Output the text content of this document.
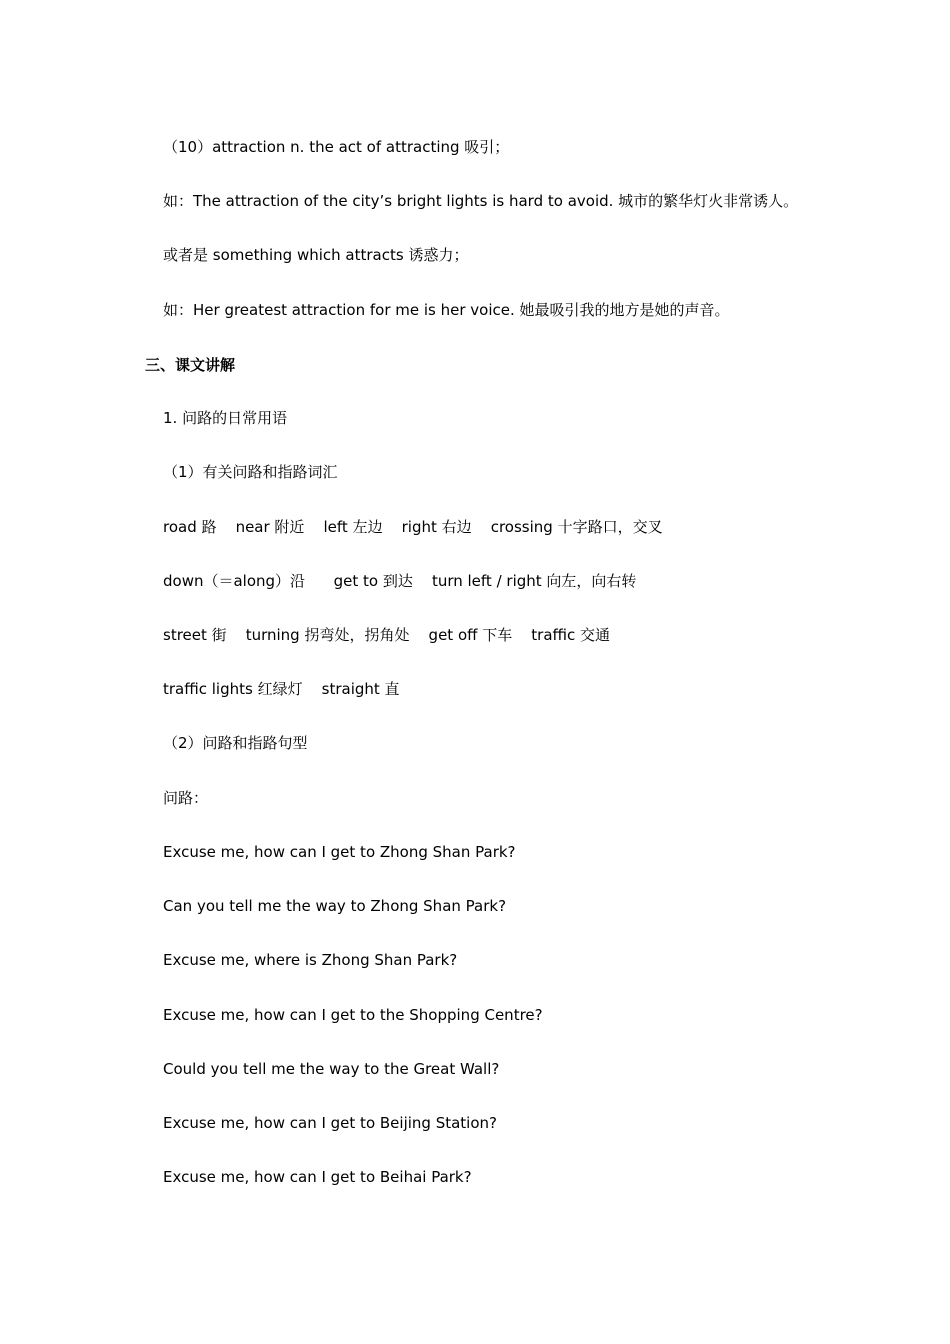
（10）attraction n. the act of attracting 吸引；
如：The attraction of the city’s bright lights is hard to avoid. 城市的繁华灯火非常诱人。
或者是 something which attracts 诱惑力；
如：Her greatest attraction for me is her voice. 她最吸引我的地方是她的声音。
三、课文讲解
1. 问路的日常用语
（1）有关问路和指路词汇
road 路    near 附近    left 左边    right 右边    crossing 十字路口，交叉
down（＝along）沿      get to 到达    turn left / right 向左，向右转
street 街    turning 拐弯处，拐角处    get off 下车    traffic 交通
traffic lights 红绿灯    straight 直
（2）问路和指路句型
问路：
Excuse me, how can I get to Zhong Shan Park?
Can you tell me the way to Zhong Shan Park?
Excuse me, where is Zhong Shan Park?
Excuse me, how can I get to the Shopping Centre?
Could you tell me the way to the Great Wall?
Excuse me, how can I get to Beijing Station?
Excuse me, how can I get to Beihai Park?
